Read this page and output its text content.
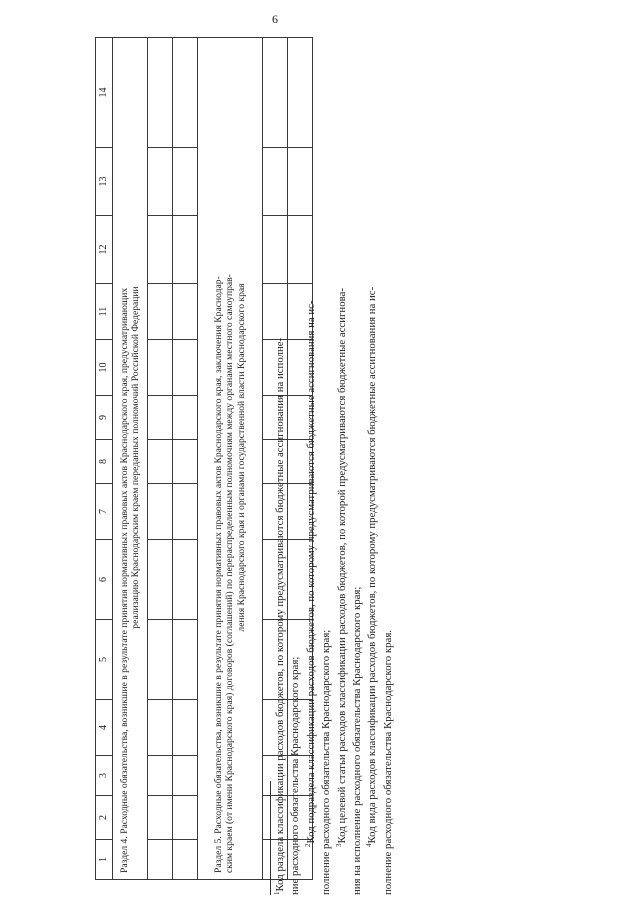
6
1	2	3	4	5	6	7	8	9	10	11	12	13	14

Раздел 4. Расходные обязательства, возникшие в результате принятия нормативных правовых актов Краснодарского края, предусматривающих реализацию Краснодарским краем переданных полномочий Российской Федерации													

Раздел 5. Расходные обязательства, возникшие в результате принятия нормативных правовых актов Краснодарского края, заключения Краснодар- ским краем (от имени Краснодарского края) договоров (соглашений) по перераспределенным полномочиям между органами местного самоуправ- ления Краснодарского края и органами государственной власти Краснодарского края													

$^1$Код раздела классификации расходов бюджетов, по которому предусматриваются бюджетные ассигнования на исполне- ние расходного обязательства Краснодарского края; $^2$Код подраздела классификации расходов бюджетов, по которому предусматриваются бюджетные ассигнования на ис- полнение расходного обязательства Краснодарского края; $^3$Код целевой статьи расходов классификации расходов бюджетов, по которой предусматриваются бюджетные ассигнова- ния на исполнение расходного обязательства Краснодарского края; $^4$Код вида расходов классификации расходов бюджетов, по которому предусматриваются бюджетные ассигнования на ис- полнение расходного обязательства Краснодарского края.
